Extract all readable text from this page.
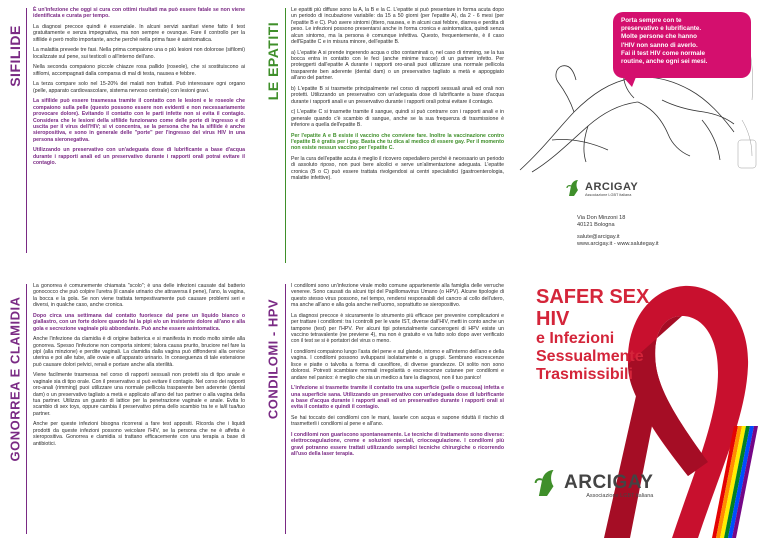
SIFILIDE

È un'infezione che oggi si cura con ottimi risultati ma può essere fatale se non viene identificata e curata per tempo.

La diagnosi precoce quindi è essenziale. In alcuni servizi sanitari viene fatto il test gratuitamente e senza impegnativa, ma non sempre e ovunque. Fare il controllo per la sifilide è però molto importante, anche perché nella prima fase è asintomatica.

La malattia prevede tre fasi. Nella prima compaiono una o più lesioni non dolorose (sifilomi) localizzate sul pene, sui testicoli o all'interno dell'ano.

Nella seconda compaiono piccole chiazze rosa pallido (roseole), che si sostituiscono ai sifilomi, accompagnati dalla comparsa di mal di testa, nausea e febbre.

La terza compare solo nel 15-20% dei malati non trattati. Può interessare ogni organo (pelle, apparato cardiovascolare, sistema nervoso centrale) con lesioni gravi.

La sifilide può essere trasmessa tramite il contatto con le lesioni e le roseole che compaiono sulla pelle (questo possono essere non evidenti e non necessariamente provocare dolore). Evitando il contatto con le parti infette non si evita il contagio. Considera che le lesioni della sifilide funzionano come delle porte di ingresso e di uscita per il virus dell'HIV; si vi concentra, se la persona che ha la sifilide è anche sieropositiva, e sono in generale delle "porte" per l'ingresso del virus HIV in una persona sieronegativa.

Utilizzando un preservativo con un'adeguata dose di lubrificante a base d'acqua durante i rapporti anali ed un preservativo durante i rapporti orali potrai evitare il contagio.

LE EPATITI

Le epatiti più diffuse sono la A, la B e la C. L'epatite si può presentare in forma acuta dopo un periodo di incubazione variabile: da 15 a 50 giorni (per l'epatite A), da 2 - 6 mesi (per l'epatite B e C). Può avere sintomi (ittero, nausea, e in alcuni casi febbre, diarrea e perdita di peso. Le infezioni possono presentarsi anche in forma cronica e asintomatica, quindi senza alcun sintomo, ma la persona è comunque infettiva. Questo, frequentemente, è il caso dell'Epatite C e in misura minore, dell'epatite B.

a) L'epatite A si prende ingerendo acqua o cibo contaminati o, nel caso di rimming, se la tua bocca entra in contatto con le feci (anche minime tracce) di un partner infetto. Per proteggerti dall'epatite A durante i rapporti oro-anali puoi utilizzare una normale pellicola trasparente ben aderente (dental dam) o un preservativo tagliato a metà e appoggiato all'ano del partner.

b) L'epatite B si trasmette principalmente nel corso di rapporti sessuali anali ed orali non protetti. Utilizzando un preservativo con un'adeguata dose di lubrificante a base d'acqua durante i rapporti anali e un preservativo durante i rapporti orali potrai evitare il contagio.

c) L'epatite C si trasmette tramite il sangue, quindi si può contrarre con i rapporti anali e in generale quando c'è scambio di sangue, anche se la sua frequenza di trasmissione è inferiore a quella dell'epatite B.

Per l'epatite A e B esiste il vaccino che conviene fare. Inoltre la vaccinazione contro l'epatite B è gratis per i gay. Basta che tu dica al medico di essere gay. Per il momento non esiste nessun vaccino per l'epatite C.

Per la cura dell'epatite acuta è meglio il ricovero ospedaliero perché è necessario un periodo di assoluto riposo, non puoi bere alcolici e serve un'alimentazione adeguata. L'epatite cronica (B o C) può essere trattata rivolgendosi ai centri specialistici (gastroenterologia, malattie infettive).

Porta sempre con te
preservativo e lubrificante.
Molte persone che hanno
l'HIV non sanno di averlo.
Fai il test HIV come normale
routine, anche ogni sei mesi.
ARCIGAY
Associazione LGBT italiana
Via Don Minzoni 18
40121 Bologna
salute@arcigay.it
www.arcigay.it - www.salutegay.it
GONORREA E CLAMIDIA

La gonorrea è comunemente chiamata "scolo"; è una delle infezioni causate dal batterio gonococco che può colpire l'uretra (il canale urinario che attraversa il pene), l'ano, la vagina, la bocca e la gola. Se non viene trattata tempestivamente può causare problemi seri e diversi, in qualche caso, anche cronica.

Dopo circa una settimana dal contatto fuoriesce dal pene un liquido bianco o giallastro, con un forte dolore quando fai la pipì e/o un insistente dolore all'ano e alla gola e secrezione vaginale più abbondante. Può anche essere asintomatica.

Anche l'infezione da clamidia è di origine batterica e si manifesta in modo molto simile alla gonorrea. Spesso l'infezione non comporta sintomi; talora causa prurito, bruciore nel fare la pipì (alla minzione) e perdite vaginali. La clamidia dalla vagina può diffondersi alla cervice uterina e poi alle tube, alle ovaie e all'apparato urinario. In conseguenza di tale estensione può causare dolori pelvici, renali e portare anche alla sterilità.

Viene facilmente trasmessa nel corso di rapporti sessuali non protetti sia di tipo anale e vaginale sia di tipo orale. Con il preservativo si può evitare il contagio. Nel corso dei rapporti oro-anali (rimming) puoi utilizzare una normale pellicola trasparente ben aderente (dental dam) o un preservativo tagliato a metà e applicato all'ano del tuo partner o alla vagina della tua partner. Utilizza un guanto di lattice per la penetrazione vaginale e anale. Evita lo scambio di sex toys, oppure cambia il preservativo prima dello scambio tra te e la/il tua/tuo partner.

Anche per queste infezioni bisogna ricorrerai a fare test appositi. Ricorda che i liquidi prodotti da queste infezioni possono veicolare l'HIV, se la persona che ne è affetta è sieropositiva. Gonorrea e clamidia si trattano efficacemente con una terapia a base di antibiotici.

CONDILOMI - HPV

I condilomi sono un'infezione virale molto comune appartenente alla famiglia delle verruche veneree. Sono causati da alcuni tipi del Papillomavirus Umano (o HPV). Alcune tipologie di questo stesso virus possono, nel tempo, rendersi responsabili del cancro al collo dell'utero, ma anche all'ano e alla gola anche nell'uomo, soprattutto se sieropositivo.

La diagnosi precoce è sicuramente lo strumento più efficace per prevenire complicazioni e per trattare i condilomi: tra i controlli per le varie IST, diverse dall'HIV, metti in conto anche un tampone (test) per l'HPV. Per alcuni tipi potenzialmente cancerogeni di HPV esiste un vaccino tetravalente (ne previene 4), ma non è gratuito e va fatto solo dopo aver verificato con il test se si è portatori del virus o meno.

I condilomi compaiono lungo l'asta del pene e sul glande, intorno e all'interno dell'ano e della vagina. I condilomi possono svilupparsi isolatamente o a gruppi. Sembrano escrescenze lisce e piatte o talvolta a forma di cavolfiore, di diverse grandezze. Di solito non sono dolorosi. Potresti scambiare normali irregolarità o escrescenze cutanee per condilomi e andare nel panico: è meglio che sia un medico a fare la diagnosi, non il tuo panico!

L'infezione si trasmette tramite il contatto tra una superficie (pelle o mucosa) infetta e una superficie sana. Utilizzando un preservativo con un'adeguata dose di lubrificante a base d'acqua durante i rapporti anali ed un preservativo durante i rapporti orali si evita il contatto e quindi il contagio.

Se hai toccato dei condilomi con le mani, lavarle con acqua e sapone riduttà il rischio di trasmetterli i condilomi al pene e all'ano.

I condilomi non guariscono spontaneamente. Le tecniche di trattamento sono diverse: elettrocoagulazione, creme e soluzioni speciali, criocoagulazione. I condilomi più gravi potranno essere trattati utilizzando semplici tecniche chirurgiche o ricorrendo all'uso della laser terapia.

SAFER SEX
HIV
e Infezioni
Sessualmente
Trasmissibili
ARCIGAY
Associazione LGBT italiana
